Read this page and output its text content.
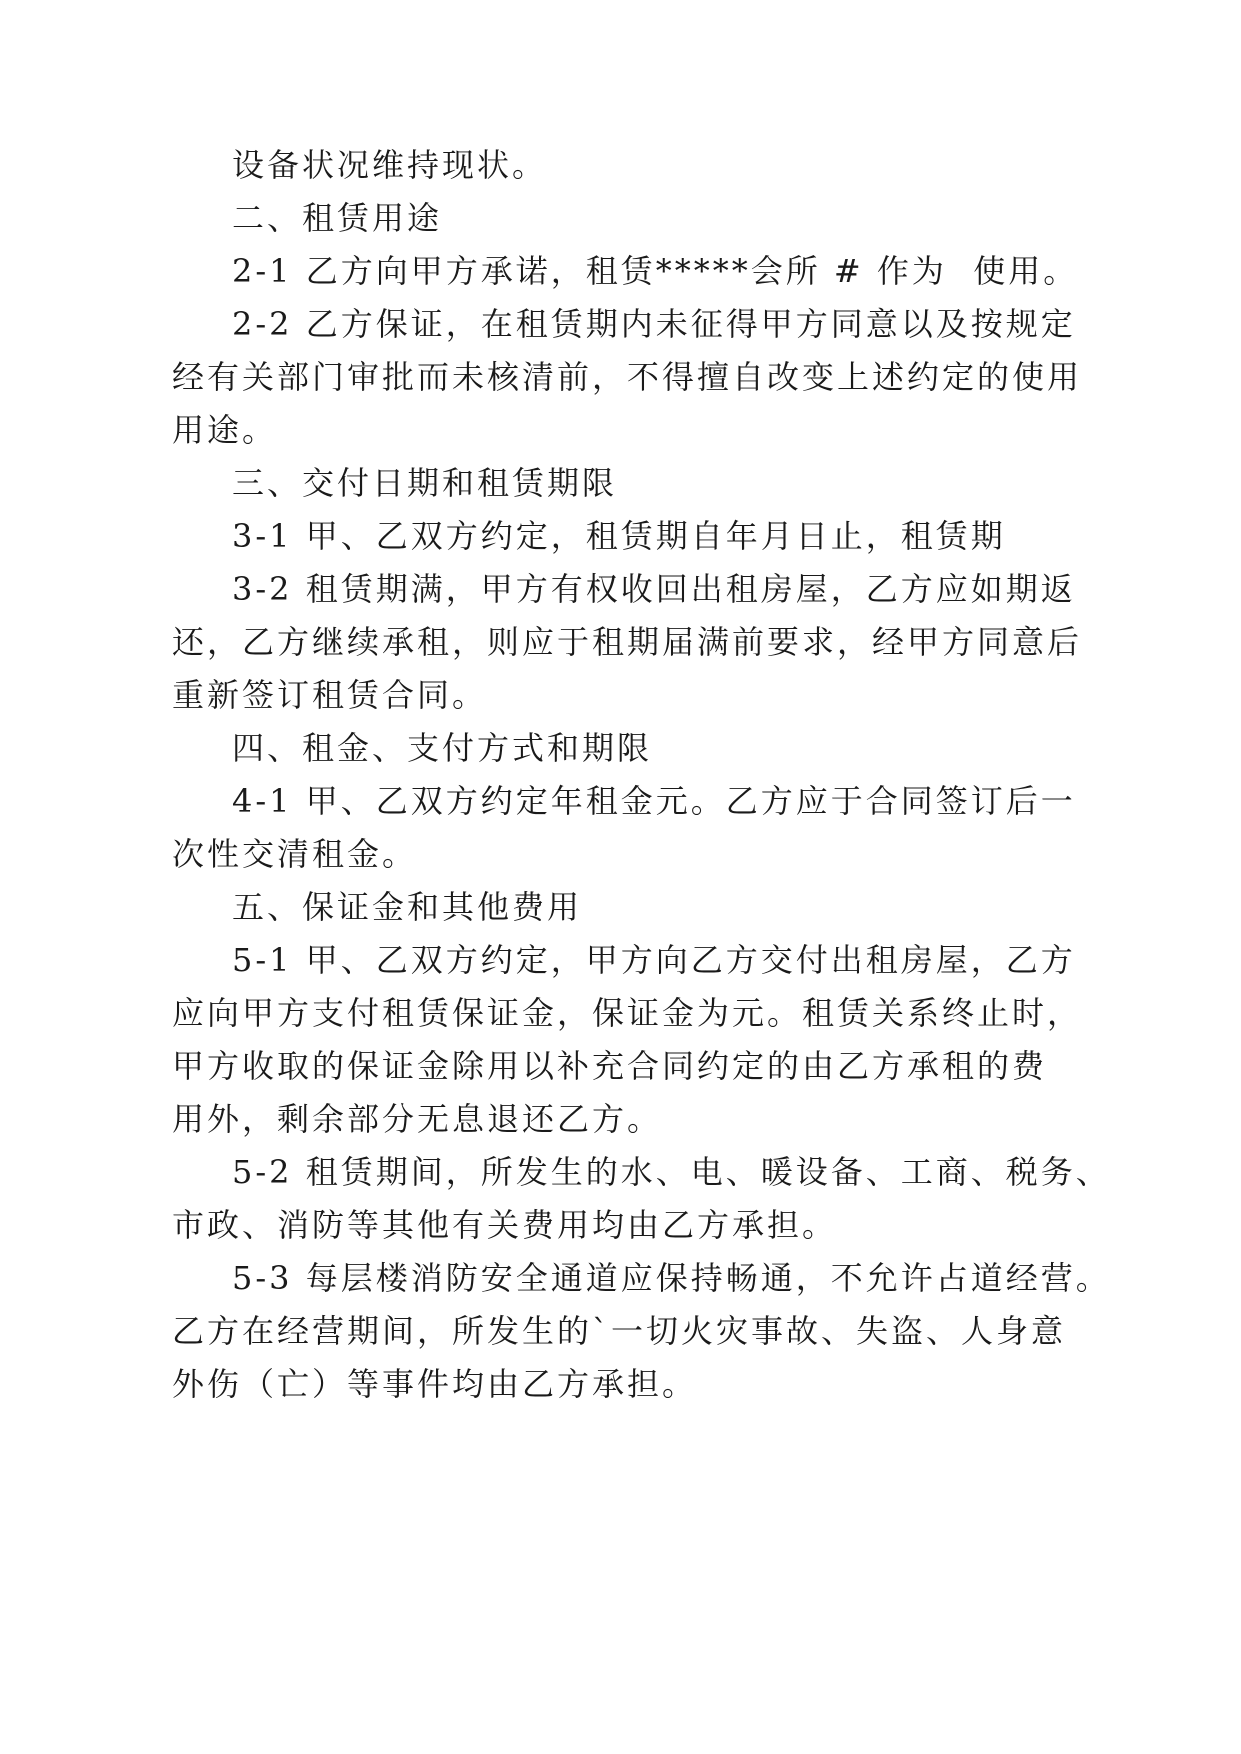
设备状况维持现状。
二、租赁用途
2-1 乙方向甲方承诺，租赁*****会所 # 作为  使用。
2-2 乙方保证，在租赁期内未征得甲方同意以及按规定
经有关部门审批而未核清前，不得擅自改变上述约定的使用
用途。
三、交付日期和租赁期限
3-1 甲、乙双方约定，租赁期自年月日止，租赁期
3-2 租赁期满，甲方有权收回出租房屋，乙方应如期返
还，乙方继续承租，则应于租期届满前要求，经甲方同意后
重新签订租赁合同。
四、租金、支付方式和期限
4-1 甲、乙双方约定年租金元。乙方应于合同签订后一
次性交清租金。
五、保证金和其他费用
5-1 甲、乙双方约定，甲方向乙方交付出租房屋，乙方
应向甲方支付租赁保证金，保证金为元。租赁关系终止时，
甲方收取的保证金除用以补充合同约定的由乙方承租的费
用外，剩余部分无息退还乙方。
5-2 租赁期间，所发生的水、电、暖设备、工商、税务、
市政、消防等其他有关费用均由乙方承担。
5-3 每层楼消防安全通道应保持畅通，不允许占道经营。
乙方在经营期间，所发生的`一切火灾事故、失盗、人身意
外伤（亡）等事件均由乙方承担。
